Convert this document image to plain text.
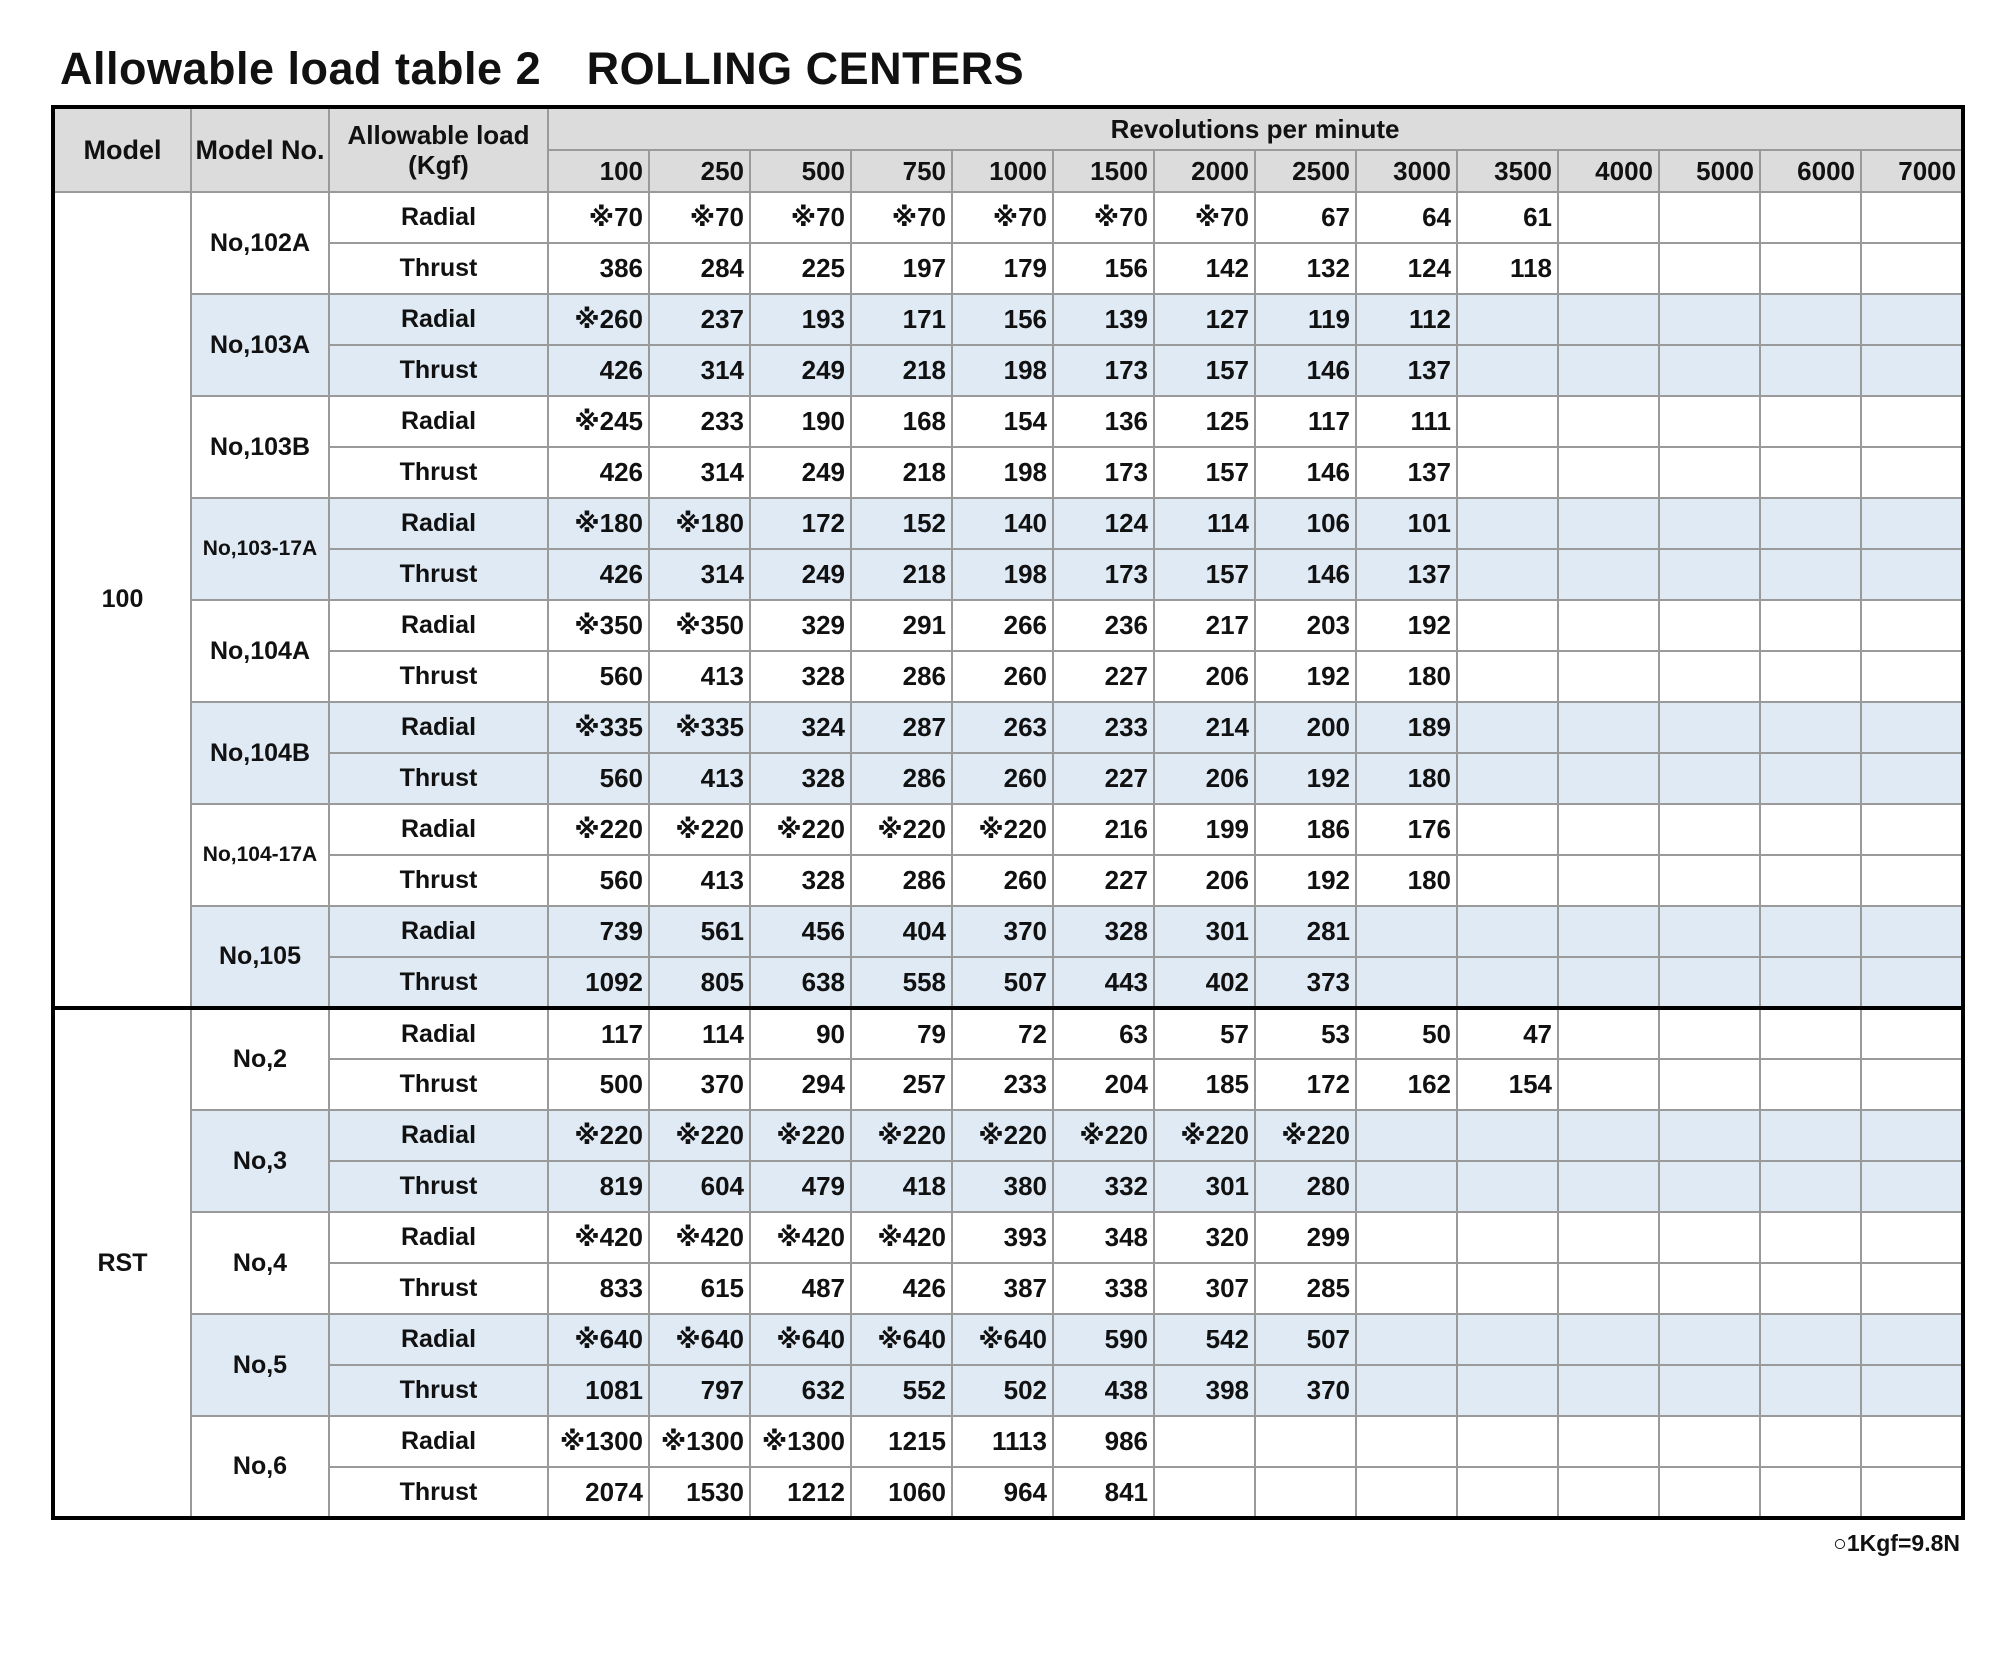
Allowable load table 2　ROLLING CENTERS
Model	Model No.	Allowable load
(Kgf)	Revolutions per minute													
			100	250	500	750	1000	1500	2000	2500	3000	3500	4000	5000	6000	7000
100	No,102A	Radial	※70	※70	※70	※70	※70	※70	※70	67	64	61				
		Thrust	386	284	225	197	179	156	142	132	124	118				
	No,103A	Radial	※260	237	193	171	156	139	127	119	112					
		Thrust	426	314	249	218	198	173	157	146	137					
	No,103B	Radial	※245	233	190	168	154	136	125	117	111					
		Thrust	426	314	249	218	198	173	157	146	137					
	No,103-17A	Radial	※180	※180	172	152	140	124	114	106	101					
		Thrust	426	314	249	218	198	173	157	146	137					
	No,104A	Radial	※350	※350	329	291	266	236	217	203	192					
		Thrust	560	413	328	286	260	227	206	192	180					
	No,104B	Radial	※335	※335	324	287	263	233	214	200	189					
		Thrust	560	413	328	286	260	227	206	192	180					
	No,104-17A	Radial	※220	※220	※220	※220	※220	216	199	186	176					
		Thrust	560	413	328	286	260	227	206	192	180					
	No,105	Radial	739	561	456	404	370	328	301	281						
		Thrust	1092	805	638	558	507	443	402	373						
RST	No,2	Radial	117	114	90	79	72	63	57	53	50	47				
		Thrust	500	370	294	257	233	204	185	172	162	154				
	No,3	Radial	※220	※220	※220	※220	※220	※220	※220	※220						
		Thrust	819	604	479	418	380	332	301	280						
	No,4	Radial	※420	※420	※420	※420	393	348	320	299						
		Thrust	833	615	487	426	387	338	307	285						
	No,5	Radial	※640	※640	※640	※640	※640	590	542	507						
		Thrust	1081	797	632	552	502	438	398	370						
	No,6	Radial	※1300	※1300	※1300	1215	1113	986								
		Thrust	2074	1530	1212	1060	964	841								
○1Kgf=9.8N
